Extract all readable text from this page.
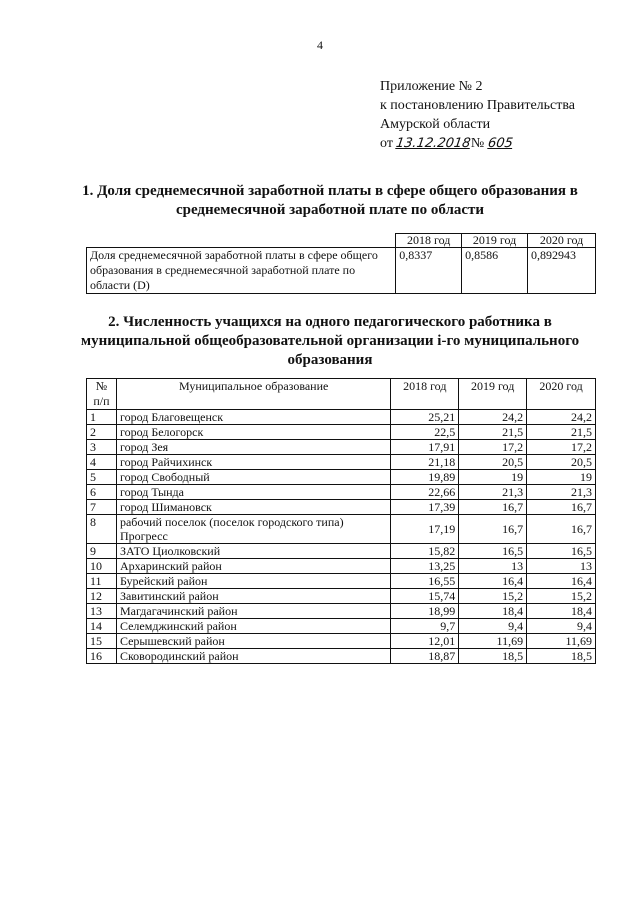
4
Приложение № 2
к постановлению Правительства
Амурской области
от 13.12.2018№ 605
1. Доля среднемесячной заработной платы в сфере общего образования в среднемесячной заработной плате по области
	2018 год	2019 год	2020 год
Доля среднемесячной заработной платы в сфере общего образования в среднемесячной заработной плате по области (D)	0,8337	0,8586	0,892943
2. Численность учащихся на одного педагогического работника в муниципальной общеобразовательной организации i-го муниципального образования
№ п/п	Муниципальное образование	2018 год	2019 год	2020 год
1	город Благовещенск	25,21	24,2	24,2
2	город Белогорск	22,5	21,5	21,5
3	город Зея	17,91	17,2	17,2
4	город Райчихинск	21,18	20,5	20,5
5	город Свободный	19,89	19	19
6	город Тында	22,66	21,3	21,3
7	город Шимановск	17,39	16,7	16,7
8	рабочий поселок (поселок городского типа) Прогресс	17,19	16,7	16,7
9	ЗАТО Циолковский	15,82	16,5	16,5
10	Архаринский район	13,25	13	13
11	Бурейский район	16,55	16,4	16,4
12	Завитинский район	15,74	15,2	15,2
13	Магдагачинский район	18,99	18,4	18,4
14	Селемджинский район	9,7	9,4	9,4
15	Серышевский район	12,01	11,69	11,69
16	Сковородинский район	18,87	18,5	18,5
